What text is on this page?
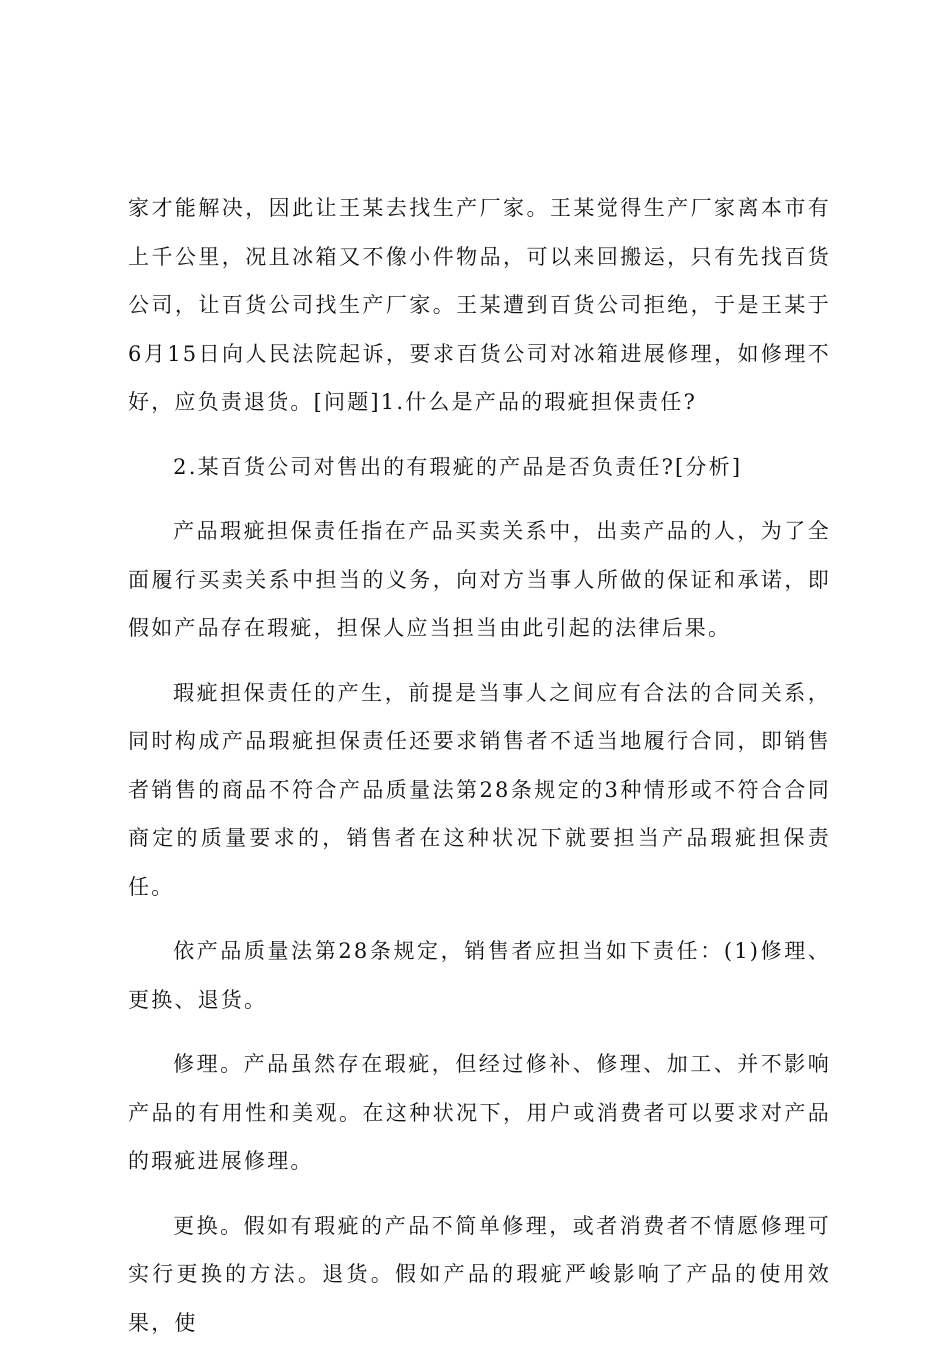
家才能解决，因此让王某去找生产厂家。王某觉得生产厂家离本市有上千公里，况且冰箱又不像小件物品，可以来回搬运，只有先找百货公司，让百货公司找生产厂家。王某遭到百货公司拒绝，于是王某于6月15日向人民法院起诉，要求百货公司对冰箱进展修理，如修理不好，应负责退货。[问题]1.什么是产品的瑕疵担保责任?

2.某百货公司对售出的有瑕疵的产品是否负责任?[分析]

产品瑕疵担保责任指在产品买卖关系中，出卖产品的人，为了全面履行买卖关系中担当的义务，向对方当事人所做的保证和承诺，即假如产品存在瑕疵，担保人应当担当由此引起的法律后果。

瑕疵担保责任的产生，前提是当事人之间应有合法的合同关系，同时构成产品瑕疵担保责任还要求销售者不适当地履行合同，即销售者销售的商品不符合产品质量法第28条规定的3种情形或不符合合同商定的质量要求的，销售者在这种状况下就要担当产品瑕疵担保责任。

依产品质量法第28条规定，销售者应担当如下责任：(1)修理、更换、退货。

修理。产品虽然存在瑕疵，但经过修补、修理、加工、并不影响产品的有用性和美观。在这种状况下，用户或消费者可以要求对产品的瑕疵进展修理。

更换。假如有瑕疵的产品不简单修理，或者消费者不情愿修理可实行更换的方法。退货。假如产品的瑕疵严峻影响了产品的使用效果，使
